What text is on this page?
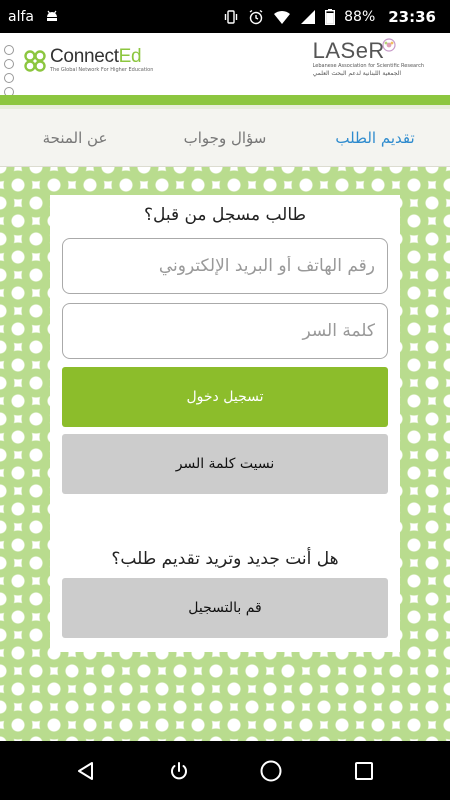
alfa	88% 23:36
ConnectEd
The Global Network For Higher Education
LASeR
Lebanese Association for Scientific Research
الجمعية اللبنانية لدعم البحث العلمي
تقديم الطلب
سؤال وجواب
عن المنحة
طالب مسجل من قبل؟
رقم الهاتف أو البريد الإلكتروني
تسجيل دخول
نسيت كلمة السر
هل أنت جديد وتريد تقديم طلب؟
قم بالتسجيل
